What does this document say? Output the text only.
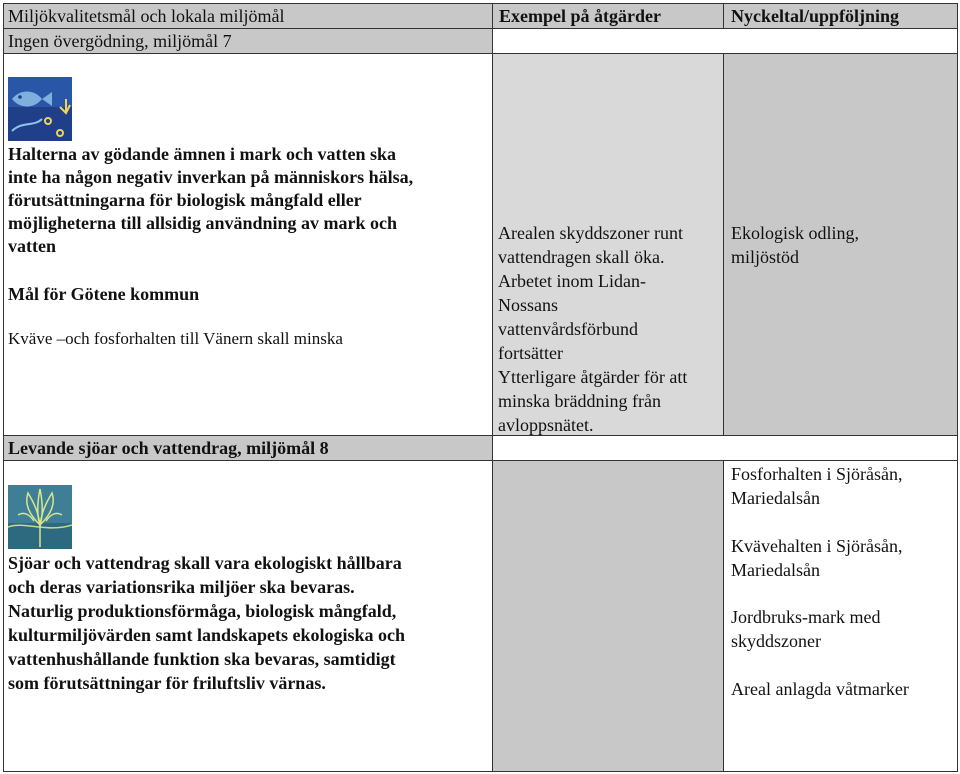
Miljökvalitetsmål och lokala miljömål	Exempel på åtgärder	Nyckeltal/uppföljning
Ingen övergödning, miljömål 7
Halterna av gödande ämnen i mark och vatten ska
inte ha någon negativ inverkan på människors hälsa,
förutsättningarna för biologisk mångfald eller
möjligheterna till allsidig användning av mark och
vatten
Mål för Götene kommun
Kväve –och fosforhalten till Vänern skall minska
Arealen skyddszoner runt
vattendragen skall öka.
Arbetet inom Lidan-
Nossans
vattenvårdsförbund
fortsätter
Ytterligare åtgärder för att
minska bräddning från
avloppsnätet.
Ekologisk odling,
miljöstöd
Levande sjöar och vattendrag, miljömål 8
Sjöar och vattendrag skall vara ekologiskt hållbara
och deras variationsrika miljöer ska bevaras.
Naturlig produktionsförmåga, biologisk mångfald,
kulturmiljövärden samt landskapets ekologiska och
vattenhushållande funktion ska bevaras, samtidigt
som förutsättningar för friluftsliv värnas.
Fosforhalten i Sjöråsån,
Mariedalsån
Kvävehalten i Sjöråsån,
Mariedalsån
Jordbruks-mark med
skyddszoner
Areal anlagda våtmarker
